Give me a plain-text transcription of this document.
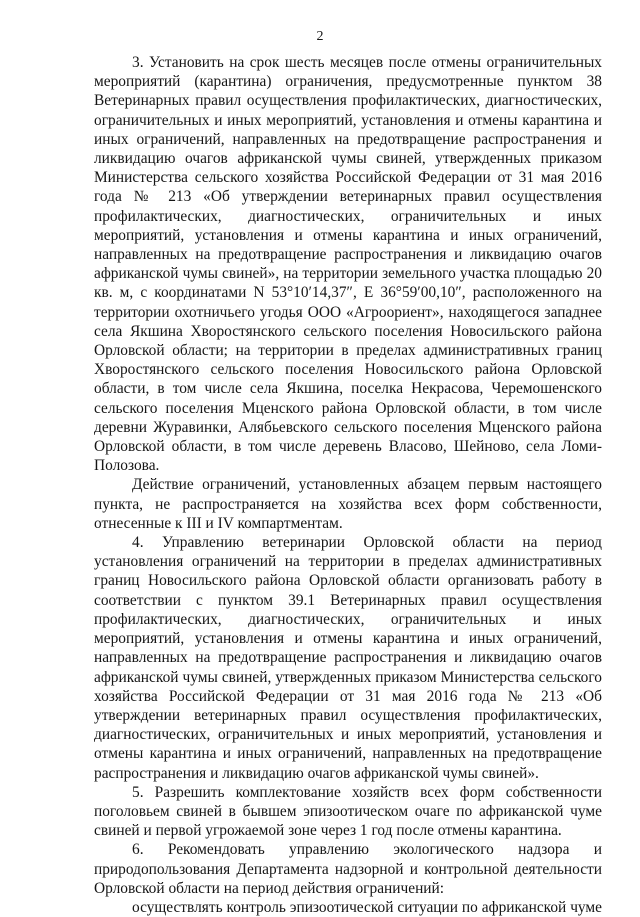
2

3. Установить на срок шесть месяцев после отмены ограничительных мероприятий (карантина) ограничения, предусмотренные пунктом 38 Ветеринарных правил осуществления профилактических, диагностических, ограничительных и иных мероприятий, установления и отмены карантина и иных ограничений, направленных на предотвращение распространения и ликвидацию очагов африканской чумы свиней, утвержденных приказом Министерства сельского хозяйства Российской Федерации от 31 мая 2016 года № 213 «Об утверждении ветеринарных правил осуществления профилактических, диагностических, ограничительных и иных мероприятий, установления и отмены карантина и иных ограничений, направленных на предотвращение распространения и ликвидацию очагов африканской чумы свиней», на территории земельного участка площадью 20 кв. м, с координатами N 53°10′14,37″, E 36°59′00,10″, расположенного на территории охотничьего угодья ООО «Агроориент», находящегося западнее села Якшина Хворостянского сельского поселения Новосильского района Орловской области; на территории в пределах административных границ Хворостянского сельского поселения Новосильского района Орловской области, в том числе села Якшина, поселка Некрасова, Черемошенского сельского поселения Мценского района Орловской области, в том числе деревни Журавинки, Алябьевского сельского поселения Мценского района Орловской области, в том числе деревень Власово, Шейново, села Ломи-Полозова.

Действие ограничений, установленных абзацем первым настоящего пункта, не распространяется на хозяйства всех форм собственности, отнесенные к III и IV компартментам.

4. Управлению ветеринарии Орловской области на период установления ограничений на территории в пределах административных границ Новосильского района Орловской области организовать работу в соответствии с пунктом 39.1 Ветеринарных правил осуществления профилактических, диагностических, ограничительных и иных мероприятий, установления и отмены карантина и иных ограничений, направленных на предотвращение распространения и ликвидацию очагов африканской чумы свиней, утвержденных приказом Министерства сельского хозяйства Российской Федерации от 31 мая 2016 года № 213 «Об утверждении ветеринарных правил осуществления профилактических, диагностических, ограничительных и иных мероприятий, установления и отмены карантина и иных ограничений, направленных на предотвращение распространения и ликвидацию очагов африканской чумы свиней».

5. Разрешить комплектование хозяйств всех форм собственности поголовьем свиней в бывшем эпизоотическом очаге по африканской чуме свиней и первой угрожаемой зоне через 1 год после отмены карантина.

6. Рекомендовать управлению экологического надзора и природопользования Департамента надзорной и контрольной деятельности Орловской области на период действия ограничений:

осуществлять контроль эпизоотической ситуации по африканской чуме
